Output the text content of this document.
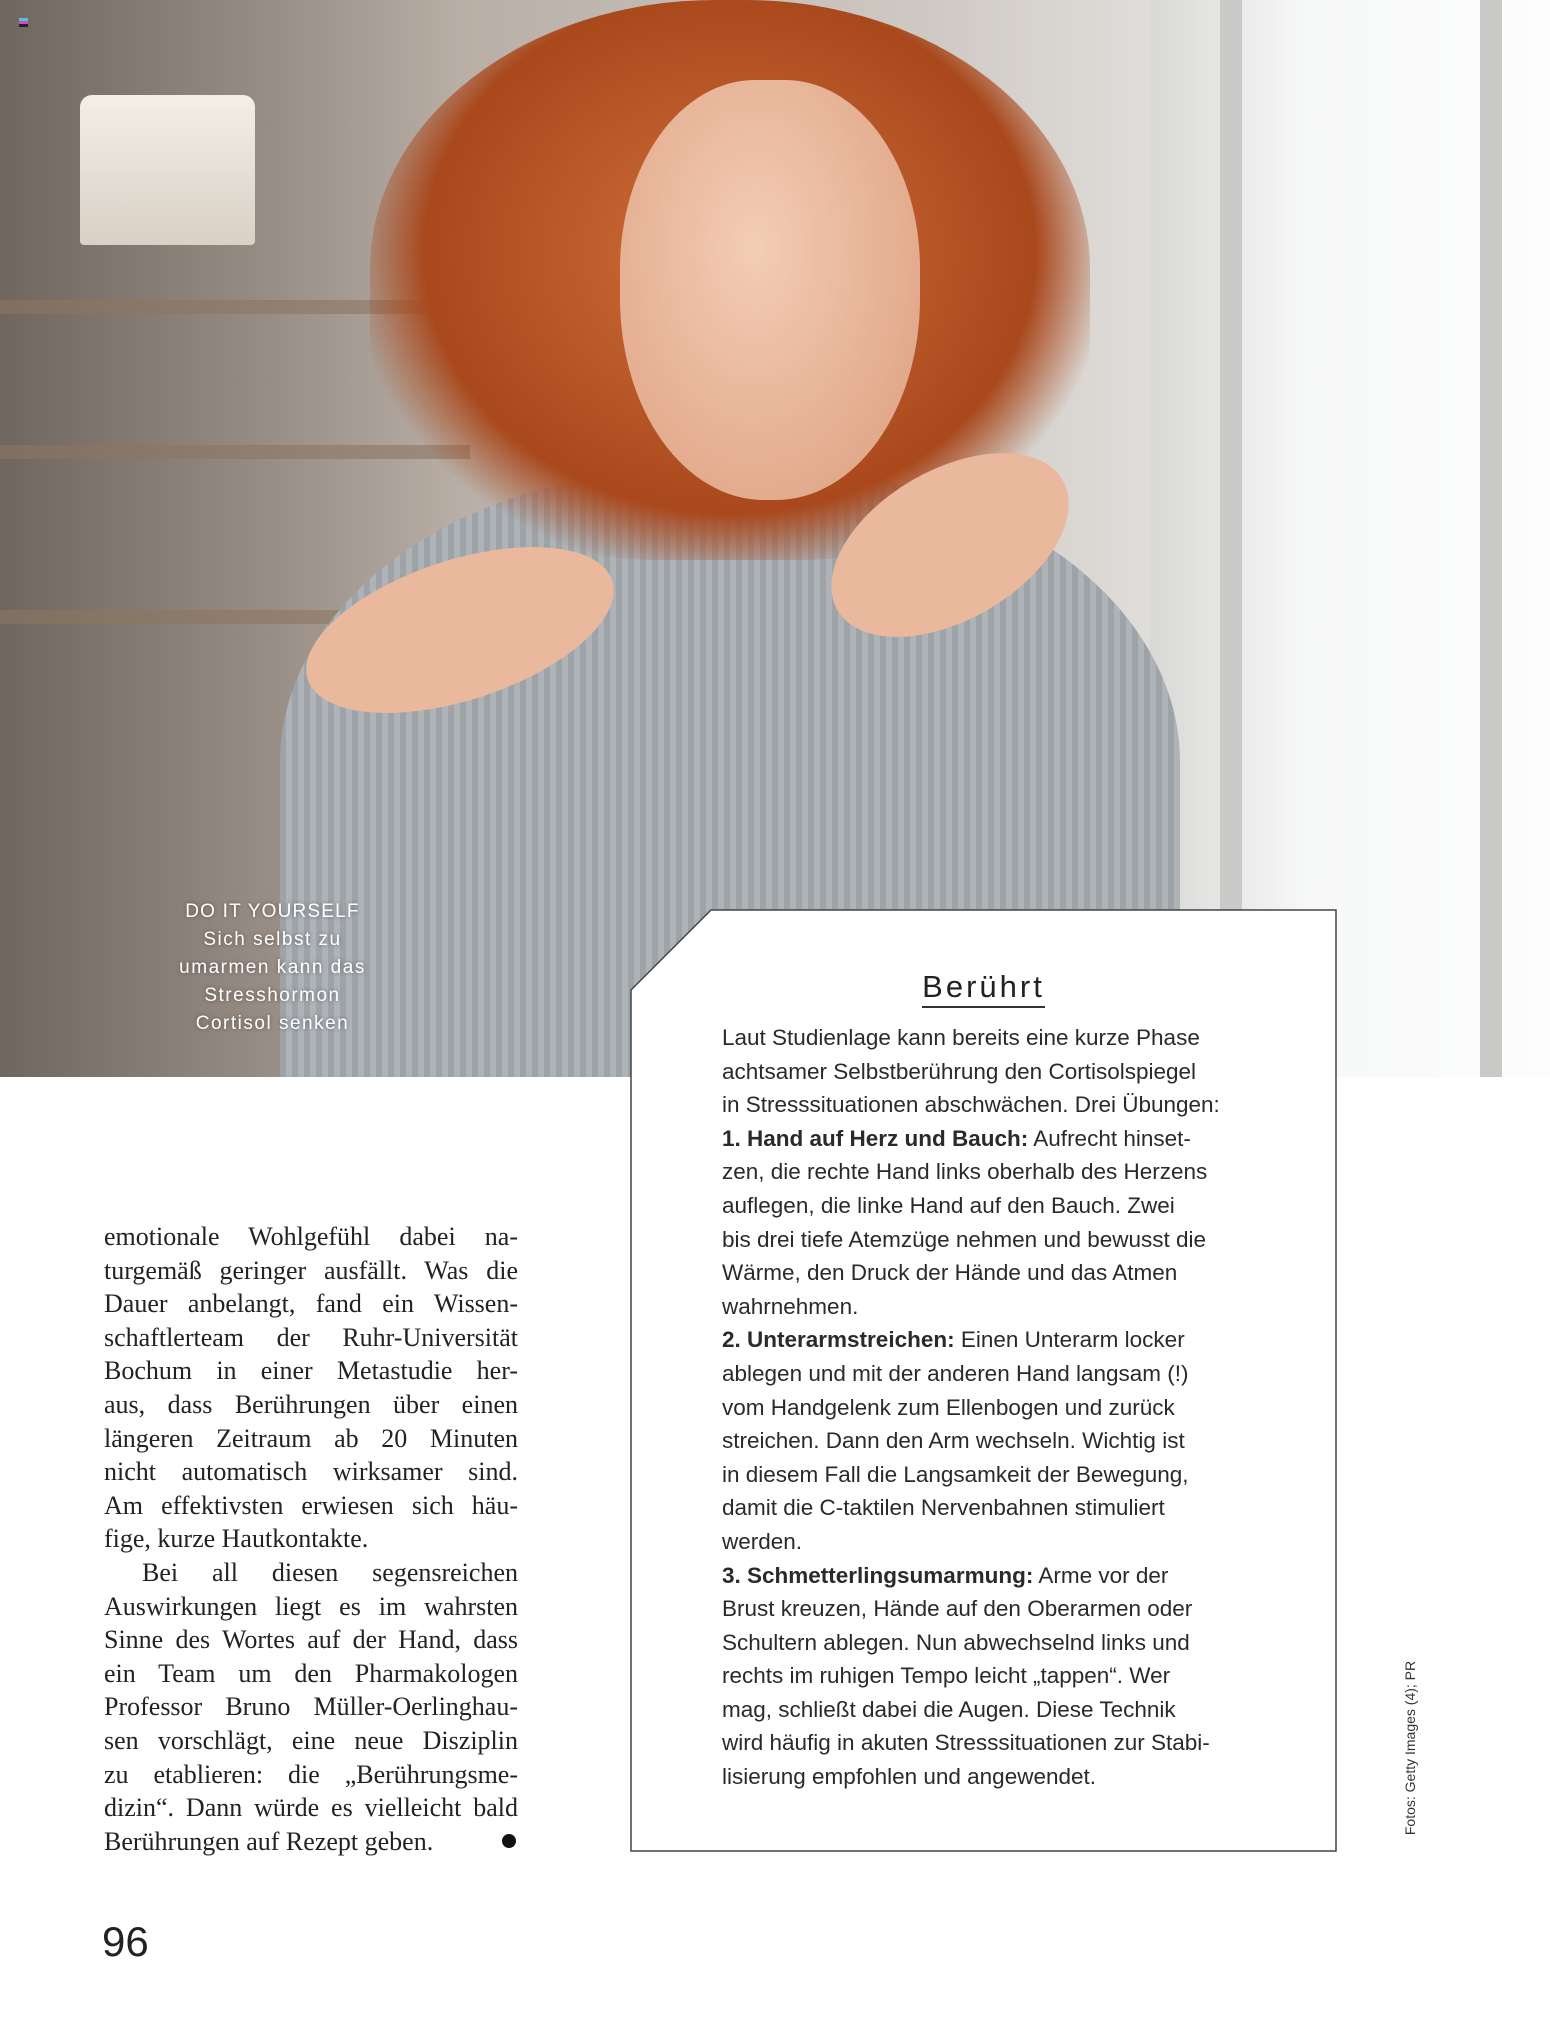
DO IT YOURSELF
Sich selbst zu
umarmen kann das
Stresshormon
Cortisol senken
emotionale Wohlgefühl dabei na-
turgemäß geringer ausfällt. Was die
Dauer anbelangt, fand ein Wissen-
schaftlerteam der Ruhr-Universität
Bochum in einer Metastudie her-
aus, dass Berührungen über einen
längeren Zeitraum ab 20 Minuten
nicht automatisch wirksamer sind.
Am effektivsten erwiesen sich häu-
fige, kurze Hautkontakte.
Bei all diesen segensreichen
Auswirkungen liegt es im wahrsten
Sinne des Wortes auf der Hand, dass
ein Team um den Pharmakologen
Professor Bruno Müller-Oerlinghau-
sen vorschlägt, eine neue Disziplin
zu etablieren: die „Berührungsme-
dizin“. Dann würde es vielleicht bald
Berührungen auf Rezept geben.
Berührt
Laut Studienlage kann bereits eine kurze Phase
achtsamer Selbstberührung den Cortisolspiegel
in Stresssituationen abschwächen. Drei Übungen:
1. Hand auf Herz und Bauch: Aufrecht hinset-
zen, die rechte Hand links oberhalb des Herzens
auflegen, die linke Hand auf den Bauch. Zwei
bis drei tiefe Atemzüge nehmen und bewusst die
Wärme, den Druck der Hände und das Atmen
wahrnehmen.
2. Unterarmstreichen: Einen Unterarm locker
ablegen und mit der anderen Hand langsam (!)
vom Handgelenk zum Ellenbogen und zurück
streichen. Dann den Arm wechseln. Wichtig ist
in diesem Fall die Langsamkeit der Bewegung,
damit die C-taktilen Nervenbahnen stimuliert
werden.
3. Schmetterlingsumarmung: Arme vor der
Brust kreuzen, Hände auf den Oberarmen oder
Schultern ablegen. Nun abwechselnd links und
rechts im ruhigen Tempo leicht „tappen“. Wer
mag, schließt dabei die Augen. Diese Technik
wird häufig in akuten Stresssituationen zur Stabi-
lisierung empfohlen und angewendet.
96
Fotos: Getty Images (4); PR
